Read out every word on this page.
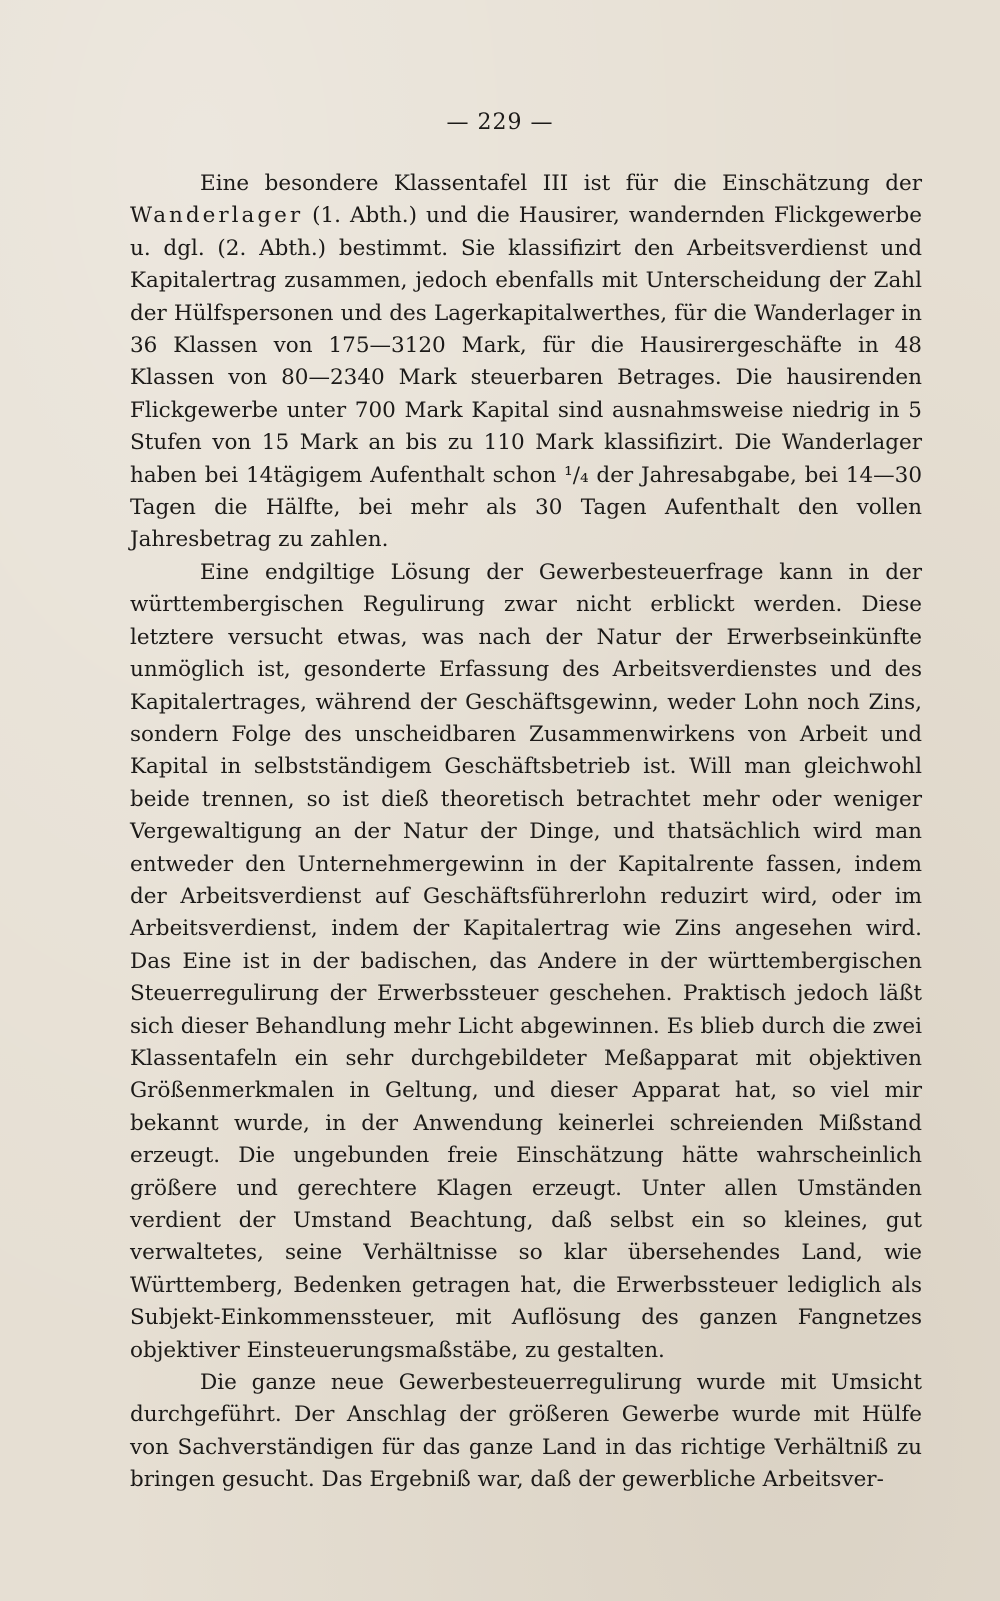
— 229 —

Eine besondere Klassentafel III ist für die Einschätzung der Wanderlager (1. Abth.) und die Hausirer, wandernden Flickgewerbe u. dgl. (2. Abth.) bestimmt. Sie klassifizirt den Arbeitsverdienst und Kapitalertrag zusammen, jedoch ebenfalls mit Unterscheidung der Zahl der Hülfspersonen und des Lagerkapitalwerthes, für die Wanderlager in 36 Klassen von 175—3120 Mark, für die Hausirergeschäfte in 48 Klassen von 80—2340 Mark steuerbaren Betrages. Die hausirenden Flickgewerbe unter 700 Mark Kapital sind ausnahmsweise niedrig in 5 Stufen von 15 Mark an bis zu 110 Mark klassifizirt. Die Wanderlager haben bei 14tägigem Aufenthalt schon ¹/₄ der Jahresabgabe, bei 14—30 Tagen die Hälfte, bei mehr als 30 Tagen Aufenthalt den vollen Jahresbetrag zu zahlen.

Eine endgiltige Lösung der Gewerbesteuerfrage kann in der württembergischen Regulirung zwar nicht erblickt werden. Diese letztere versucht etwas, was nach der Natur der Erwerbseinkünfte unmöglich ist, gesonderte Erfassung des Arbeitsverdienstes und des Kapitalertrages, während der Geschäftsgewinn, weder Lohn noch Zins, sondern Folge des unscheidbaren Zusammenwirkens von Arbeit und Kapital in selbstständigem Geschäftsbetrieb ist. Will man gleichwohl beide trennen, so ist dieß theoretisch betrachtet mehr oder weniger Vergewaltigung an der Natur der Dinge, und thatsächlich wird man entweder den Unternehmergewinn in der Kapitalrente fassen, indem der Arbeitsverdienst auf Geschäftsführerlohn reduzirt wird, oder im Arbeitsverdienst, indem der Kapitalertrag wie Zins angesehen wird. Das Eine ist in der badischen, das Andere in der württembergischen Steuerregulirung der Erwerbssteuer geschehen. Praktisch jedoch läßt sich dieser Behandlung mehr Licht abgewinnen. Es blieb durch die zwei Klassentafeln ein sehr durchgebildeter Meßapparat mit objektiven Größenmerkmalen in Geltung, und dieser Apparat hat, so viel mir bekannt wurde, in der Anwendung keinerlei schreienden Mißstand erzeugt. Die ungebunden freie Einschätzung hätte wahrscheinlich größere und gerechtere Klagen erzeugt. Unter allen Umständen verdient der Umstand Beachtung, daß selbst ein so kleines, gut verwaltetes, seine Verhältnisse so klar übersehendes Land, wie Württemberg, Bedenken getragen hat, die Erwerbssteuer lediglich als Subjekt-Einkommenssteuer, mit Auflösung des ganzen Fangnetzes objektiver Einsteuerungsmaßstäbe, zu gestalten.

Die ganze neue Gewerbesteuerregulirung wurde mit Umsicht durchgeführt. Der Anschlag der größeren Gewerbe wurde mit Hülfe von Sachverständigen für das ganze Land in das richtige Verhältniß zu bringen gesucht. Das Ergebniß war, daß der gewerbliche Arbeitsver-
